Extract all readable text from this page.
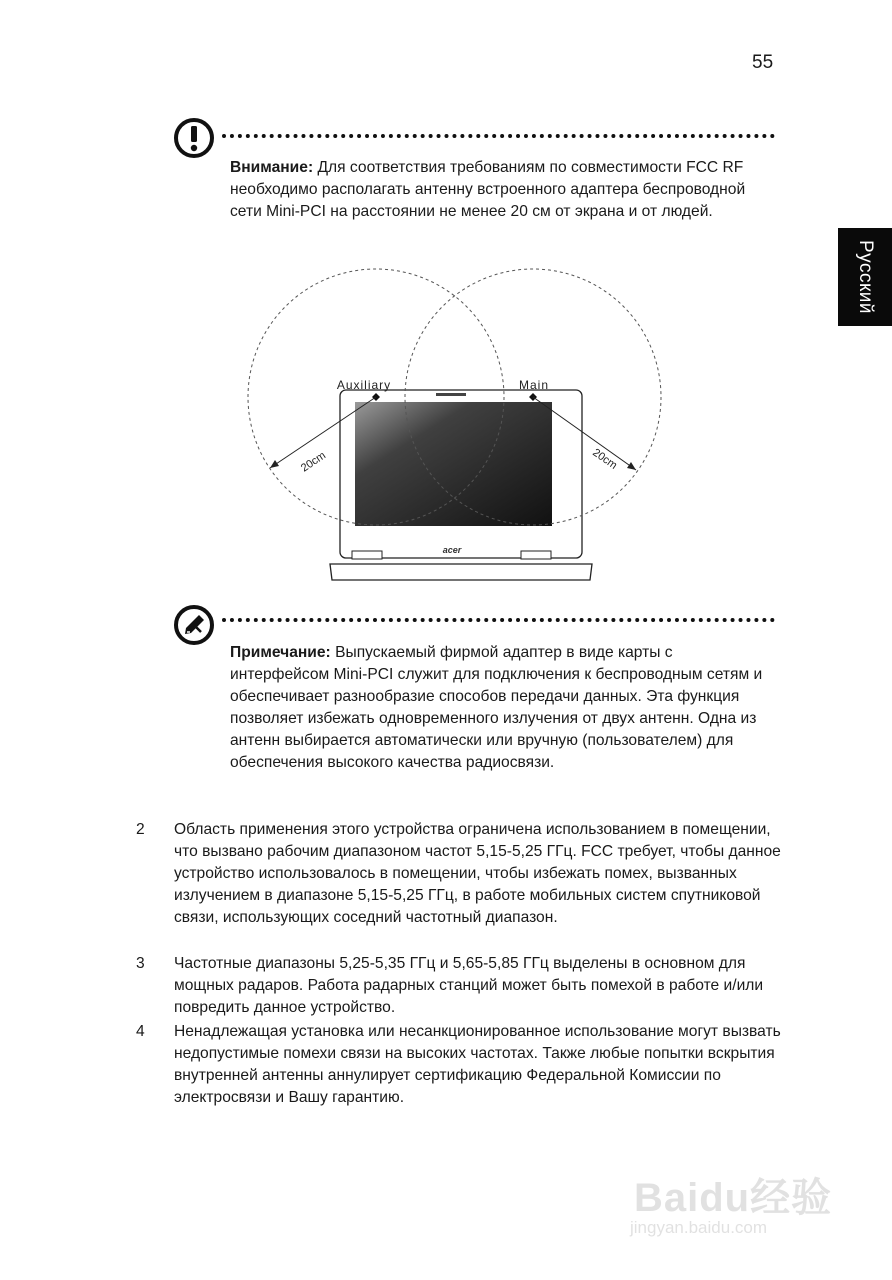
55
Русский
Внимание: Для соответствия требованиям по совместимости FCC RF необходимо располагать антенну встроенного адаптера беспроводной сети Mini-PCI на расстоянии не менее 20 см от экрана и от людей.
acer
Auxiliary	Main
20cm	20cm
Примечание: Выпускаемый фирмой адаптер в виде карты с интерфейсом Mini-PCI служит для подключения к беспроводным сетям и обеспечивает разнообразие способов передачи данных. Эта функция позволяет избежать одновременного излучения от двух антенн. Одна из антенн выбирается автоматически или вручную (пользователем) для обеспечения высокого качества радиосвязи.
2 Область применения этого устройства ограничена использованием в помещении, что вызвано рабочим диапазоном частот 5,15-5,25 ГГц. FCC требует, чтобы данное устройство использовалось в помещении, чтобы избежать помех, вызванных излучением в диапазоне 5,15-5,25 ГГц, в работе мобильных систем спутниковой связи, использующих соседний частотный диапазон.
3 Частотные диапазоны 5,25-5,35 ГГц и 5,65-5,85 ГГц выделены в основном для мощных радаров. Работа радарных станций может быть помехой в работе и/или повредить данное устройство.
4 Ненадлежащая установка или несанкционированное использование могут вызвать недопустимые помехи связи на высоких частотах. Также любые попытки вскрытия внутренней антенны аннулирует сертификацию Федеральной Комиссии по электросвязи и Вашу гарантию.
Baidu经验
jingyan.baidu.com
